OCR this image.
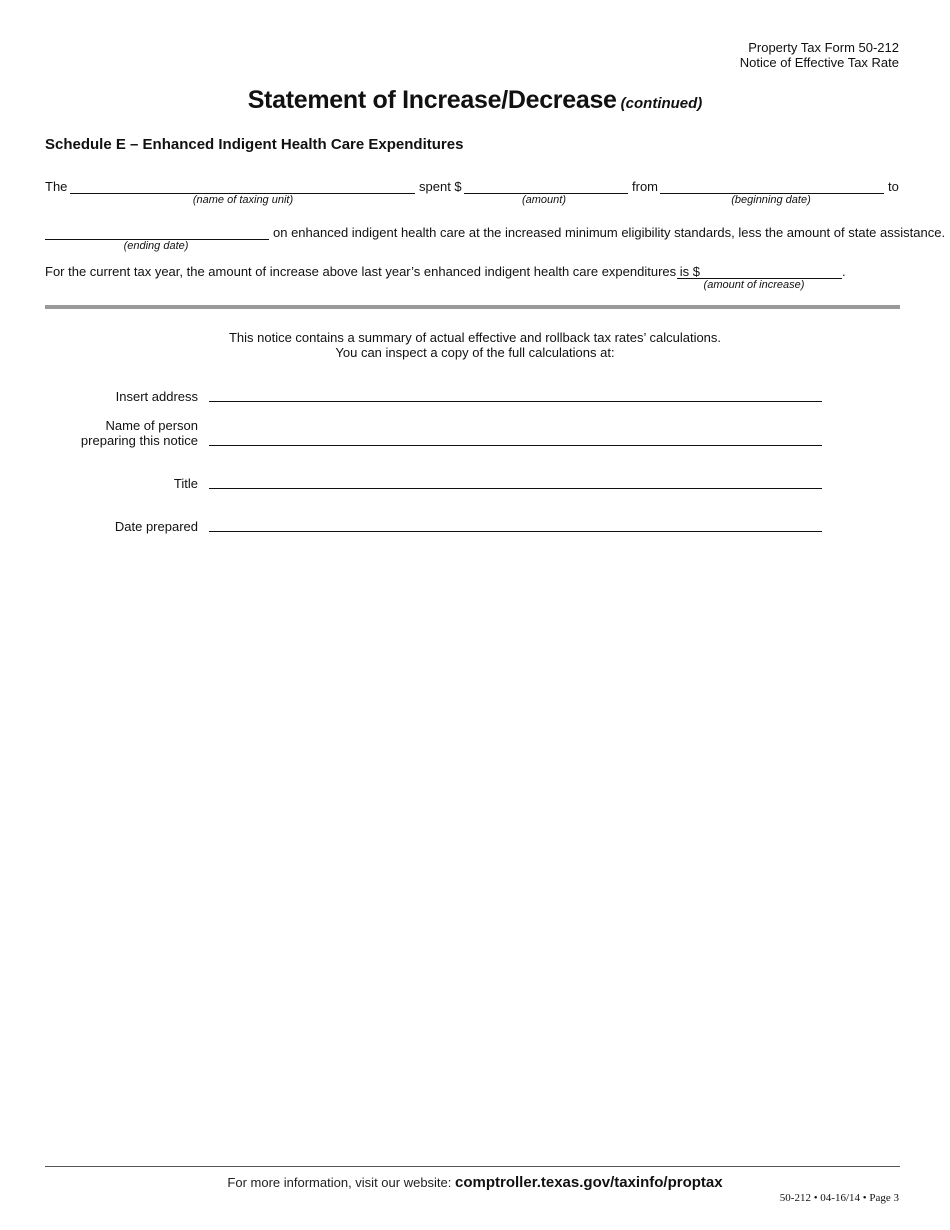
Property Tax Form 50-212
Notice of Effective Tax Rate
Statement of Increase/Decrease (continued)
Schedule E – Enhanced Indigent Health Care Expenditures
The	spent $	from	to
(name of taxing unit)	(amount)	(beginning date)
on enhanced indigent health care at the increased minimum eligibility standards, less the amount of state assistance.
(ending date)
For the current tax year, the amount of increase above last year’s enhanced indigent health care expenditures is $	.
(amount of increase)
This notice contains a summary of actual effective and rollback tax rates’ calculations.
You can inspect a copy of the full calculations at:
Insert address
Name of person
preparing this notice
Title
Date prepared
For more information, visit our website: comptroller.texas.gov/taxinfo/proptax
50-212 • 04-16/14 • Page 3
